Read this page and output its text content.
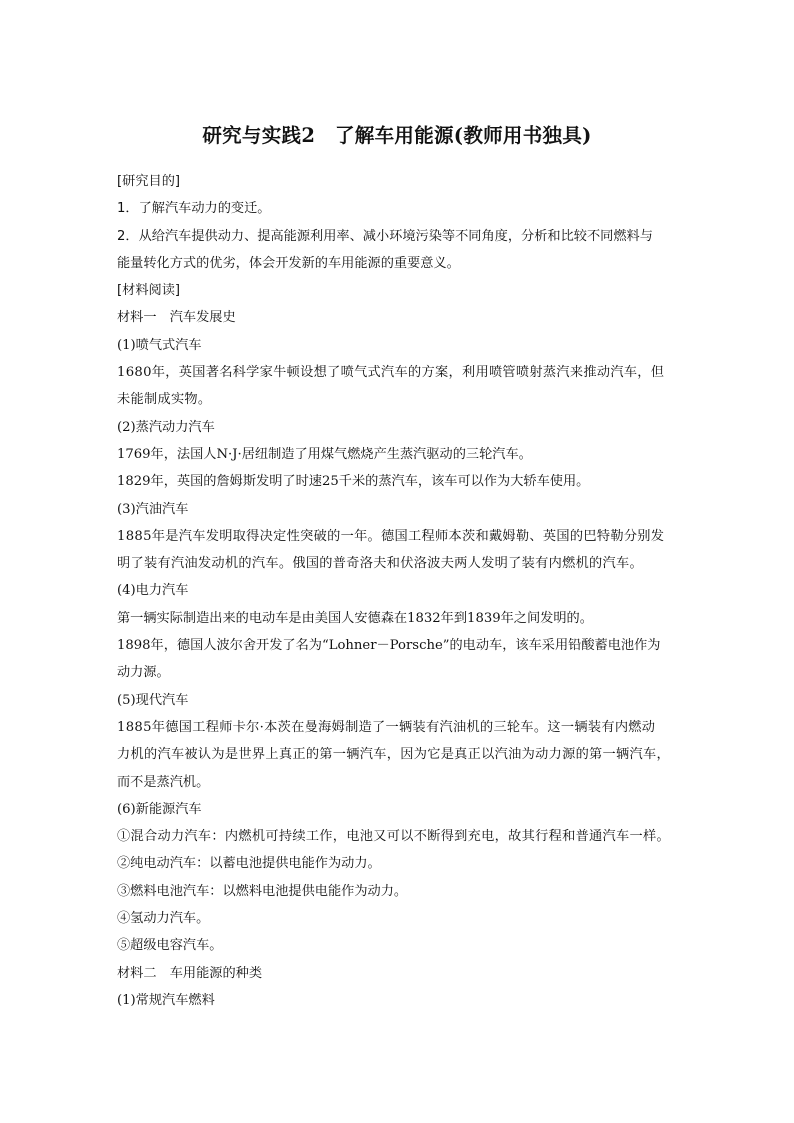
研究与实践2　了解车用能源(教师用书独具)
[研究目的]
1．了解汽车动力的变迁。
2．从给汽车提供动力、提高能源利用率、减小环境污染等不同角度，分析和比较不同燃料与
能量转化方式的优劣，体会开发新的车用能源的重要意义。
[材料阅读]
材料一　汽车发展史
(1)喷气式汽车
1680年，英国著名科学家牛顿设想了喷气式汽车的方案，利用喷管喷射蒸汽来推动汽车，但
未能制成实物。
(2)蒸汽动力汽车
1769年，法国人N·J·居纽制造了用煤气燃烧产生蒸汽驱动的三轮汽车。
1829年，英国的詹姆斯发明了时速25千米的蒸汽车，该车可以作为大轿车使用。
(3)汽油汽车
1885年是汽车发明取得决定性突破的一年。德国工程师本茨和戴姆勒、英国的巴特勒分别发
明了装有汽油发动机的汽车。俄国的普奇洛夫和伏洛波夫两人发明了装有内燃机的汽车。
(4)电力汽车
第一辆实际制造出来的电动车是由美国人安德森在1832年到1839年之间发明的。
1898年，德国人波尔舍开发了名为“Lohner－Porsche”的电动车，该车采用铅酸蓄电池作为
动力源。
(5)现代汽车
1885年德国工程师卡尔·本茨在曼海姆制造了一辆装有汽油机的三轮车。这一辆装有内燃动
力机的汽车被认为是世界上真正的第一辆汽车，因为它是真正以汽油为动力源的第一辆汽车，
而不是蒸汽机。
(6)新能源汽车
①混合动力汽车：内燃机可持续工作，电池又可以不断得到充电，故其行程和普通汽车一样。
②纯电动汽车：以蓄电池提供电能作为动力。
③燃料电池汽车：以燃料电池提供电能作为动力。
④氢动力汽车。
⑤超级电容汽车。
材料二　车用能源的种类
(1)常规汽车燃料
